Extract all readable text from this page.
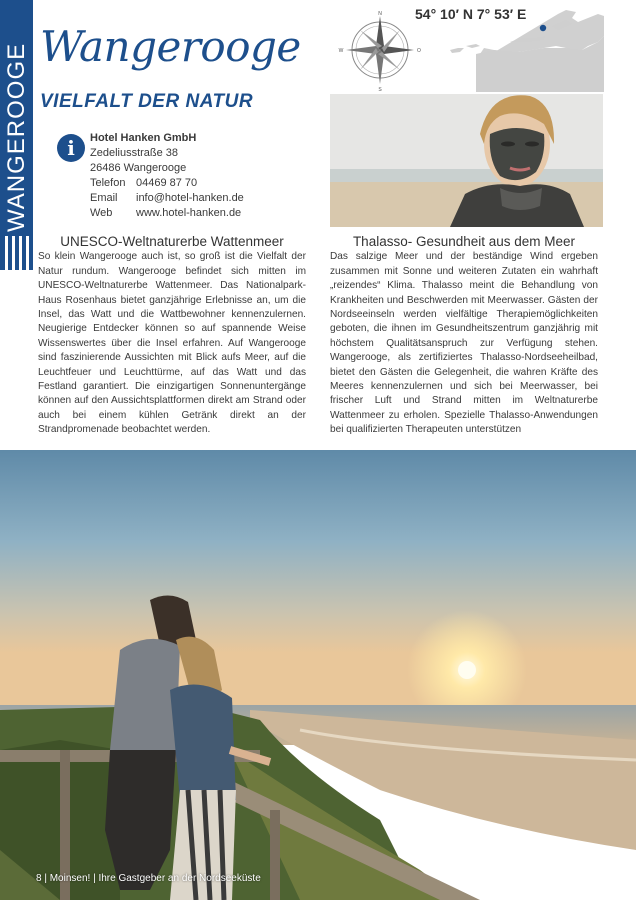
Wangerooge
VIELFALT DER NATUR
N
S
W	O
54° 10′ N 7° 53′ E
i	Hotel Hanken GmbH
Zedeliusstraße 38
26486 Wangerooge
Telefon 04469 87 70
Email info@hotel-hanken.de
Web www.hotel-hanken.de
UNESCO-Weltnaturerbe Wattenmeer
So klein Wangerooge auch ist, so groß ist die Vielfalt der Natur rundum. Wangerooge befindet sich mitten im UNESCO-Weltnaturerbe Wattenmeer. Das Nationalpark-Haus Rosenhaus bietet ganzjährige Erlebnisse an, um die Insel, das Watt und die Wattbewohner kennenzulernen. Neugierige Entdecker können so auf spannende Weise Wissenswertes über die Insel erfahren. Auf Wangerooge sind faszinierende Aussichten mit Blick aufs Meer, auf die Leuchtfeuer und Leuchttürme, auf das Watt und das Festland garantiert. Die einzigartigen Sonnenuntergänge können auf den Aussichtsplattformen direkt am Strand oder auch bei einem kühlen Getränk direkt an der Strandpromenade beobachtet werden.
Thalasso- Gesundheit aus dem Meer
Das salzige Meer und der beständige Wind ergeben zusammen mit Sonne und weiteren Zutaten ein wahrhaft „reizendes“ Klima. Thalasso meint die Behandlung von Krankheiten und Beschwerden mit Meerwasser. Gästen der Nordseeinseln werden vielfältige Therapiemöglichkeiten geboten, die ihnen im Gesundheitszentrum ganzjährig mit höchstem Qualitätsanspruch zur Verfügung stehen. Wangerooge, als zertifiziertes Thalasso-Nordseeheilbad, bietet den Gästen die Gelegenheit, die wahren Kräfte des Meeres kennenzulernen und sich bei Meerwasser, bei frischer Luft und Strand mitten im Weltnaturerbe Wattenmeer zu erholen. Spezielle Thalasso-Anwendungen bei qualifizierten Therapeuten unterstützen
8 | Moinsen! | Ihre Gastgeber an der Nordseeküste
